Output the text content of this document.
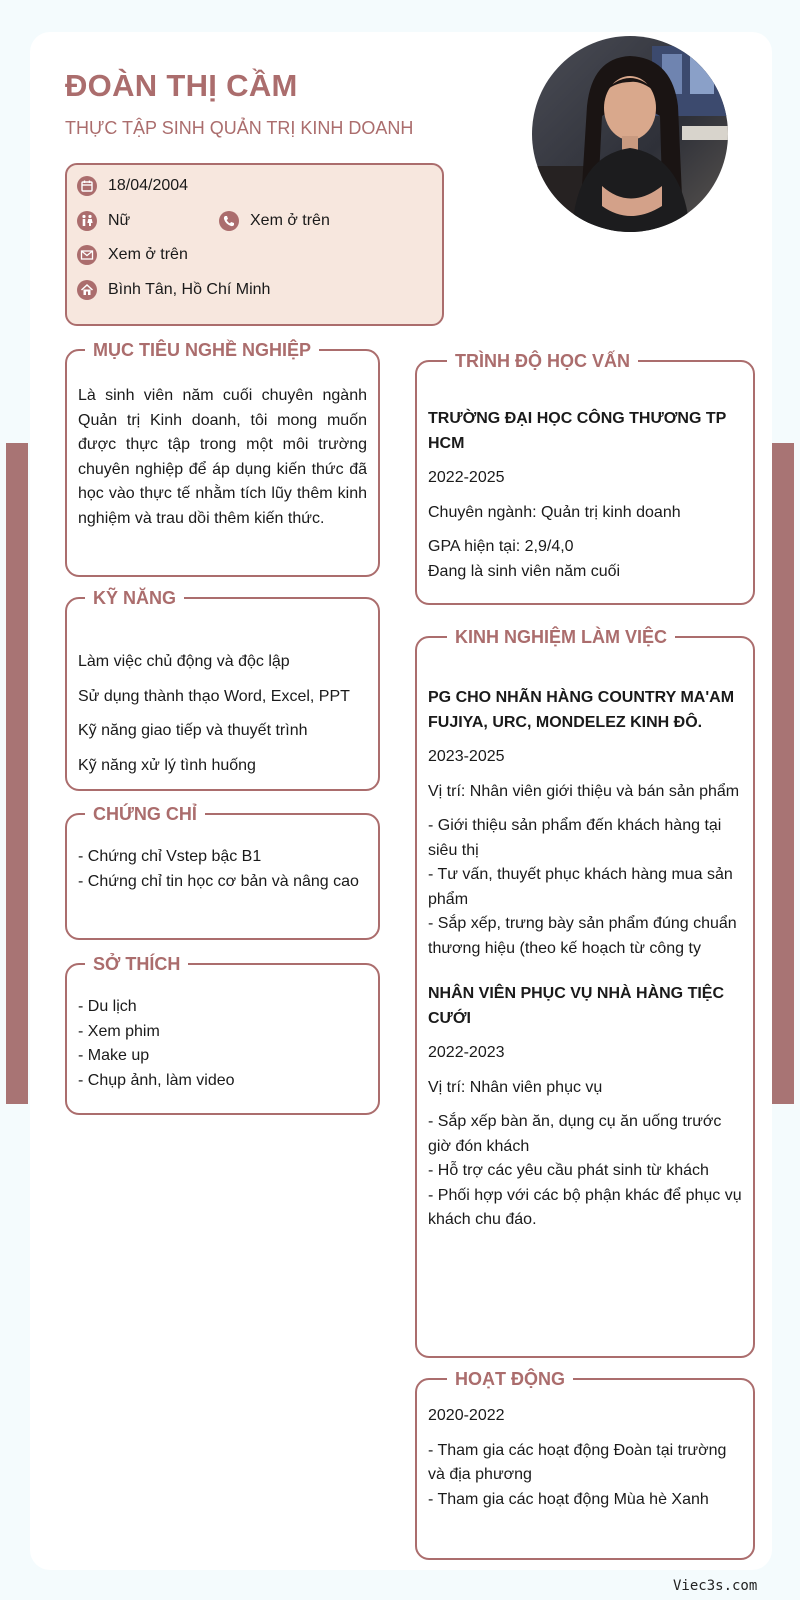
ĐOÀN THỊ CẦM
THỰC TẬP SINH QUẢN TRỊ KINH DOANH
18/04/2004
Nữ	Xem ở trên
Xem ở trên
Bình Tân, Hồ Chí Minh
MỤC TIÊU NGHỀ NGHIỆP
Là sinh viên năm cuối chuyên ngành Quản trị Kinh doanh, tôi mong muốn được thực tập trong một môi trường chuyên nghiệp để áp dụng kiến thức đã học vào thực tế nhằm tích lũy thêm kinh nghiệm và trau dồi thêm kiến thức.
KỸ NĂNG
Làm việc chủ động và độc lập
Sử dụng thành thạo Word, Excel, PPT
Kỹ năng giao tiếp và thuyết trình
Kỹ năng xử lý tình huống
CHỨNG CHỈ
- Chứng chỉ Vstep bậc B1
- Chứng chỉ tin học cơ bản và nâng cao
SỞ THÍCH
- Du lịch
- Xem phim
- Make up
- Chụp ảnh, làm video
TRÌNH ĐỘ HỌC VẤN
TRƯỜNG ĐẠI HỌC CÔNG THƯƠNG TP HCM
2022-2025
Chuyên ngành: Quản trị kinh doanh
GPA hiện tại: 2,9/4,0
Đang là sinh viên năm cuối
KINH NGHIỆM LÀM VIỆC
PG CHO NHÃN HÀNG COUNTRY MA'AM FUJIYA, URC, MONDELEZ KINH ĐÔ.
2023-2025
Vị trí: Nhân viên giới thiệu và bán sản phẩm
- Giới thiệu sản phẩm đến khách hàng tại siêu thị
- Tư vấn, thuyết phục khách hàng mua sản phẩm
- Sắp xếp, trưng bày sản phẩm đúng chuẩn thương hiệu (theo kế hoạch từ công ty
NHÂN VIÊN PHỤC VỤ NHÀ HÀNG TIỆC CƯỚI
2022-2023
Vị trí: Nhân viên phục vụ
- Sắp xếp bàn ăn, dụng cụ ăn uống trước giờ đón khách
- Hỗ trợ các yêu cầu phát sinh từ khách
- Phối hợp với các bộ phận khác để phục vụ khách chu đáo.
HOẠT ĐỘNG
2020-2022
- Tham gia các hoạt động Đoàn tại trường và địa phương
- Tham gia các hoạt động Mùa hè Xanh
Viec3s.com
